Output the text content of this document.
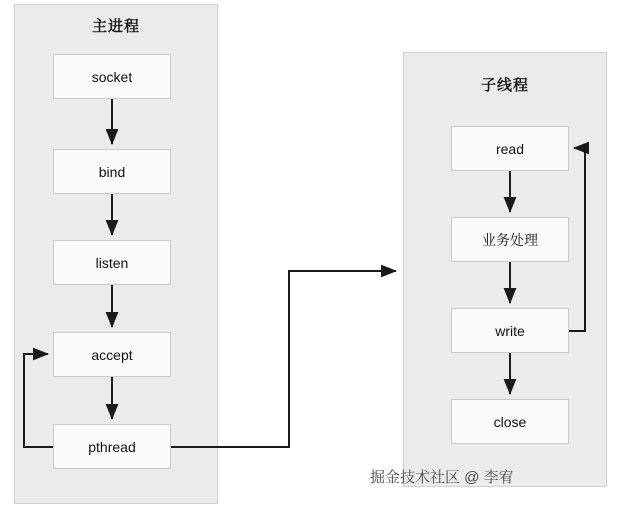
主进程
子线程
socket
bind
listen
accept
pthread
read
业务处理
write
close
掘金技术社区 @ 李宥
